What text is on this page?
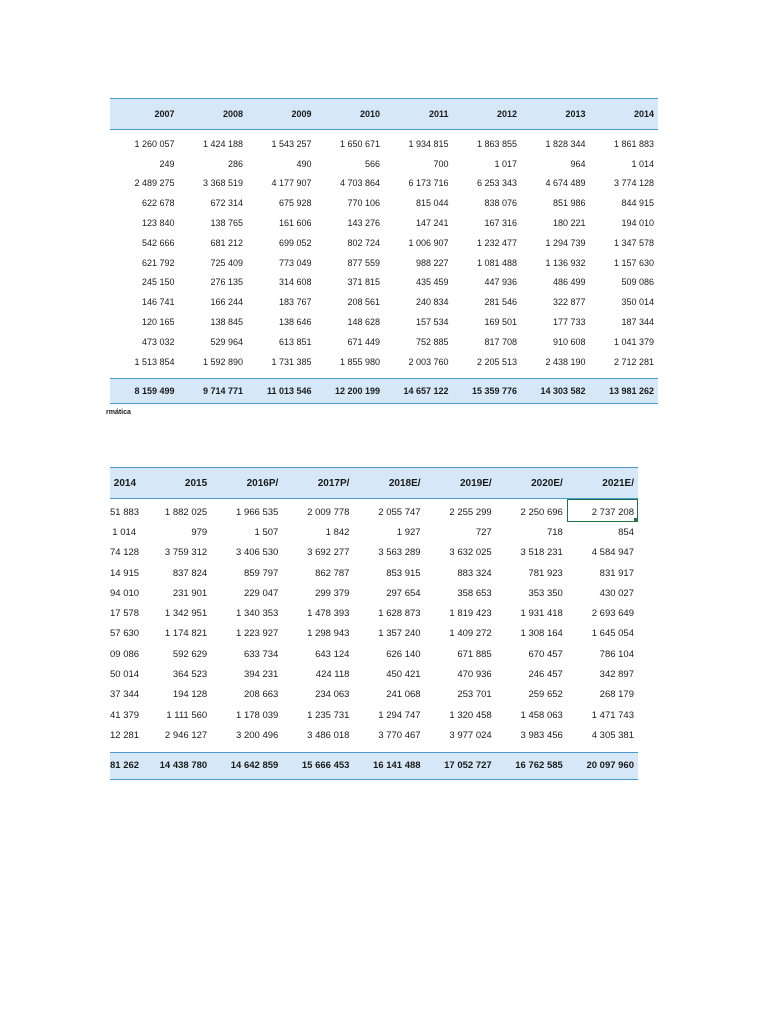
2007	2008	2009	2010	2011	2012	2013	2014
1 260 057	1 424 188	1 543 257	1 650 671	1 934 815	1 863 855	1 828 344	1 861 883
249	286	490	566	700	1 017	964	1 014
2 489 275	3 368 519	4 177 907	4 703 864	6 173 716	6 253 343	4 674 489	3 774 128
622 678	672 314	675 928	770 106	815 044	838 076	851 986	844 915
123 840	138 765	161 606	143 276	147 241	167 316	180 221	194 010
542 666	681 212	699 052	802 724	1 006 907	1 232 477	1 294 739	1 347 578
621 792	725 409	773 049	877 559	988 227	1 081 488	1 136 932	1 157 630
245 150	276 135	314 608	371 815	435 459	447 936	486 499	509 086
146 741	166 244	183 767	208 561	240 834	281 546	322 877	350 014
120 165	138 845	138 646	148 628	157 534	169 501	177 733	187 344
473 032	529 964	613 851	671 449	752 885	817 708	910 608	1 041 379
1 513 854	1 592 890	1 731 385	1 855 980	2 003 760	2 205 513	2 438 190	2 712 281
8 159 499	9 714 771	11 013 546	12 200 199	14 657 122	15 359 776	14 303 582	13 981 262
rmática
2014	2015	2016P/	2017P/	2018E/	2019E/	2020E/	2021E/
51 883	1 882 025	1 966 535	2 009 778	2 055 747	2 255 299	2 250 696	2 737 208
1 014	979	1 507	1 842	1 927	727	718	854
74 128	3 759 312	3 406 530	3 692 277	3 563 289	3 632 025	3 518 231	4 584 947
14 915	837 824	859 797	862 787	853 915	883 324	781 923	831 917
94 010	231 901	229 047	299 379	297 654	358 653	353 350	430 027
17 578	1 342 951	1 340 353	1 478 393	1 628 873	1 819 423	1 931 418	2 693 649
57 630	1 174 821	1 223 927	1 298 943	1 357 240	1 409 272	1 308 164	1 645 054
09 086	592 629	633 734	643 124	626 140	671 885	670 457	786 104
50 014	364 523	394 231	424 118	450 421	470 936	246 457	342 897
37 344	194 128	208 663	234 063	241 068	253 701	259 652	268 179
41 379	1 111 560	1 178 039	1 235 731	1 294 747	1 320 458	1 458 063	1 471 743
12 281	2 946 127	3 200 496	3 486 018	3 770 467	3 977 024	3 983 456	4 305 381
81 262	14 438 780	14 642 859	15 666 453	16 141 488	17 052 727	16 762 585	20 097 960
